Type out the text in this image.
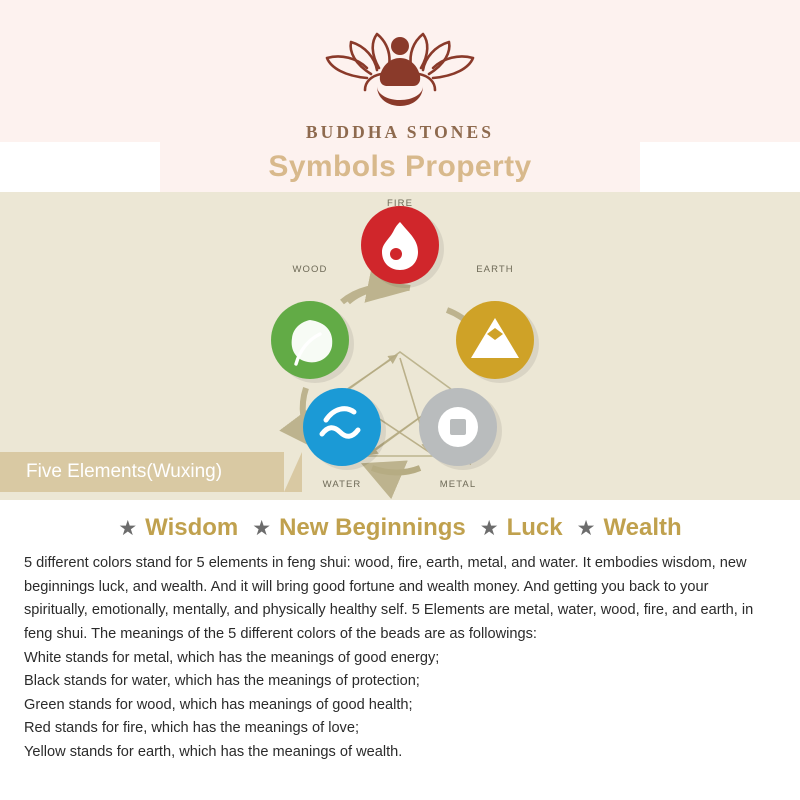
BUDDHA STONES
Symbols Property
WOOD
FIRE
EARTH
METAL
WATER
Five Elements(Wuxing)
★ Wisdom ★ New Beginnings ★ Luck ★ Wealth

5 different colors stand for 5 elements in feng shui: wood, fire, earth, metal, and water. It embodies wisdom, new beginnings luck, and wealth. And it will bring good fortune and wealth money. And getting you back to your spiritually, emotionally, mentally, and physically healthy self. 5 Elements are metal, water, wood, fire, and earth, in feng shui. The meanings of the 5 different colors of the beads are as followings:

White stands for metal, which has the meanings of good energy;
Black stands for water, which has the meanings of protection;
Green stands for wood, which has meanings of good health;
Red stands for fire, which has the meanings of love;
Yellow stands for earth, which has the meanings of wealth.
